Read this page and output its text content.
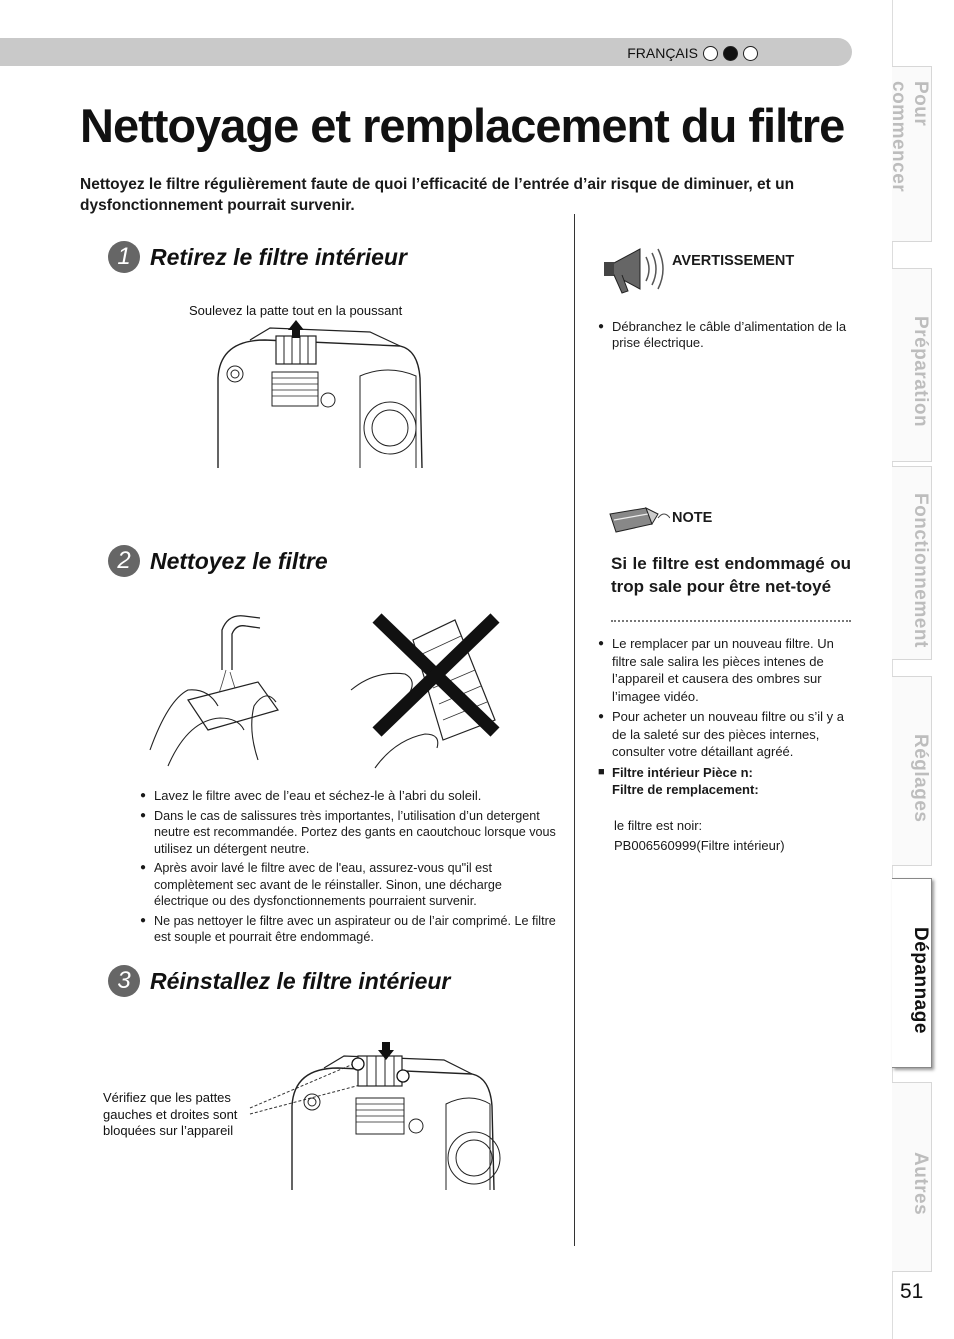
FRANÇAIS
Pour commencer
Préparation
Fonctionnement
Réglages
Dépannage
Autres
51
Nettoyage et remplacement du filtre
Nettoyez le filtre régulièrement faute de quoi l’efficacité de l’entrée d’air risque de diminuer, et un dysfonctionnement pourrait survenir.
1 Retirez le filtre intérieur
Soulevez la patte tout en la poussant
2 Nettoyez le filtre
● Lavez le filtre avec de l’eau et séchez-le à l’abri du soleil.
● Dans le cas de salissures très importantes, l’utilisation d’un detergent neutre est recommandée. Portez des gants en caoutchouc lorsque vous utilisez un détergent neutre.
● Après avoir lavé le filtre avec de l'eau, assurez-vous qu"il est complètement sec avant de le réinstaller. Sinon, une décharge électrique ou des dysfonctionnements pourraient survenir.
● Ne pas nettoyer le filtre avec un aspirateur ou de l’air comprimé. Le filtre est souple et pourrait être endommagé.
3 Réinstallez le filtre intérieur
Vérifiez que les pattes gauches et droites sont bloquées sur l’appareil
AVERTISSEMENT
● Débranchez le câble d’alimentation de la prise électrique.
NOTE
Si le filtre est endommagé ou trop sale pour être net-toyé
● Le remplacer par un nouveau filtre. Un filtre sale salira les pièces intenes de l’appareil et causera des ombres sur l’imagee vidéo.
● Pour acheter un nouveau filtre ou s’il y a de la saleté sur des pièces internes, consulter votre détaillant agréé.
■ Filtre intérieur Pièce n:
Filtre de remplacement:
le filtre est noir:
PB006560999(Filtre intérieur)
